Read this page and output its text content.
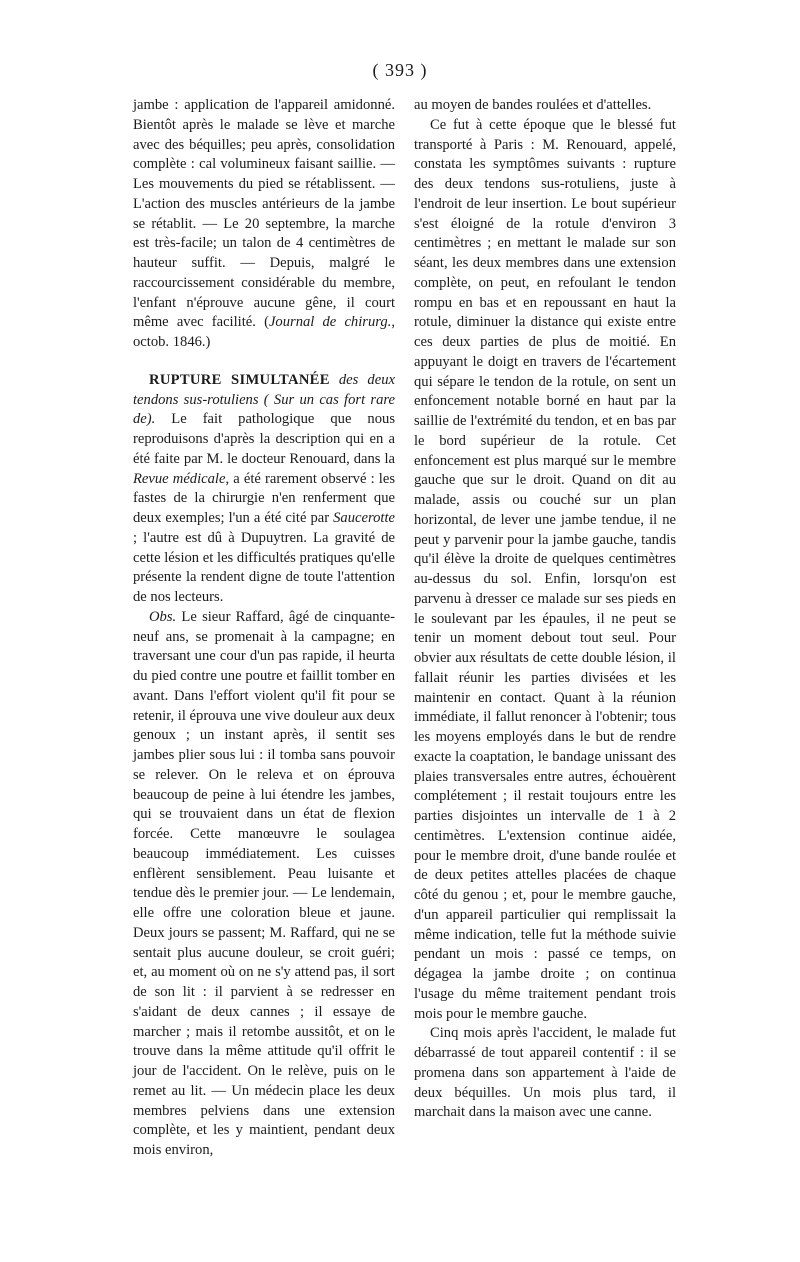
( 393 )

jambe : application de l'appareil amidonné. Bientôt après le malade se lève et marche avec des béquilles; peu après, consolidation complète : cal volumineux faisant saillie. — Les mouvements du pied se rétablissent. — L'action des muscles antérieurs de la jambe se rétablit. — Le 20 septembre, la marche est très-facile; un talon de 4 centimètres de hauteur suffit. — Depuis, malgré le raccourcissement considérable du membre, l'enfant n'éprouve aucune gêne, il court même avec facilité. (Journal de chirurg., octob. 1846.)

RUPTURE SIMULTANÉE des deux tendons sus-rotuliens ( Sur un cas fort rare de). Le fait pathologique que nous reproduisons d'après la description qui en a été faite par M. le docteur Renouard, dans la Revue médicale, a été rarement observé : les fastes de la chirurgie n'en renferment que deux exemples; l'un a été cité par Saucerotte ; l'autre est dû à Dupuytren. La gravité de cette lésion et les difficultés pratiques qu'elle présente la rendent digne de toute l'attention de nos lecteurs.

Obs. Le sieur Raffard, âgé de cinquante-neuf ans, se promenait à la campagne; en traversant une cour d'un pas rapide, il heurta du pied contre une poutre et faillit tomber en avant. Dans l'effort violent qu'il fit pour se retenir, il éprouva une vive douleur aux deux genoux ; un instant après, il sentit ses jambes plier sous lui : il tomba sans pouvoir se relever. On le releva et on éprouva beaucoup de peine à lui étendre les jambes, qui se trouvaient dans un état de flexion forcée. Cette manœuvre le soulagea beaucoup immédiatement. Les cuisses enflèrent sensiblement. Peau luisante et tendue dès le premier jour. — Le lendemain, elle offre une coloration bleue et jaune. Deux jours se passent; M. Raffard, qui ne se sentait plus aucune douleur, se croit guéri; et, au moment où on ne s'y attend pas, il sort de son lit : il parvient à se redresser en s'aidant de deux cannes ; il essaye de marcher ; mais il retombe aussitôt, et on le trouve dans la même attitude qu'il offrit le jour de l'accident. On le relève, puis on le remet au lit. — Un médecin place les deux membres pelviens dans une extension complète, et les y maintient, pendant deux mois environ,

au moyen de bandes roulées et d'attelles.

Ce fut à cette époque que le blessé fut transporté à Paris : M. Renouard, appelé, constata les symptômes suivants : rupture des deux tendons sus-rotuliens, juste à l'endroit de leur insertion. Le bout supérieur s'est éloigné de la rotule d'environ 3 centimètres ; en mettant le malade sur son séant, les deux membres dans une extension complète, on peut, en refoulant le tendon rompu en bas et en repoussant en haut la rotule, diminuer la distance qui existe entre ces deux parties de plus de moitié. En appuyant le doigt en travers de l'écartement qui sépare le tendon de la rotule, on sent un enfoncement notable borné en haut par la saillie de l'extrémité du tendon, et en bas par le bord supérieur de la rotule. Cet enfoncement est plus marqué sur le membre gauche que sur le droit. Quand on dit au malade, assis ou couché sur un plan horizontal, de lever une jambe tendue, il ne peut y parvenir pour la jambe gauche, tandis qu'il élève la droite de quelques centimètres au-dessus du sol. Enfin, lorsqu'on est parvenu à dresser ce malade sur ses pieds en le soulevant par les épaules, il ne peut se tenir un moment debout tout seul. Pour obvier aux résultats de cette double lésion, il fallait réunir les parties divisées et les maintenir en contact. Quant à la réunion immédiate, il fallut renoncer à l'obtenir; tous les moyens employés dans le but de rendre exacte la coaptation, le bandage unissant des plaies transversales entre autres, échouèrent complétement ; il restait toujours entre les parties disjointes un intervalle de 1 à 2 centimètres. L'extension continue aidée, pour le membre droit, d'une bande roulée et de deux petites attelles placées de chaque côté du genou ; et, pour le membre gauche, d'un appareil particulier qui remplissait la même indication, telle fut la méthode suivie pendant un mois : passé ce temps, on dégagea la jambe droite ; on continua l'usage du même traitement pendant trois mois pour le membre gauche.

Cinq mois après l'accident, le malade fut débarrassé de tout appareil contentif : il se promena dans son appartement à l'aide de deux béquilles. Un mois plus tard, il marchait dans la maison avec une canne.
